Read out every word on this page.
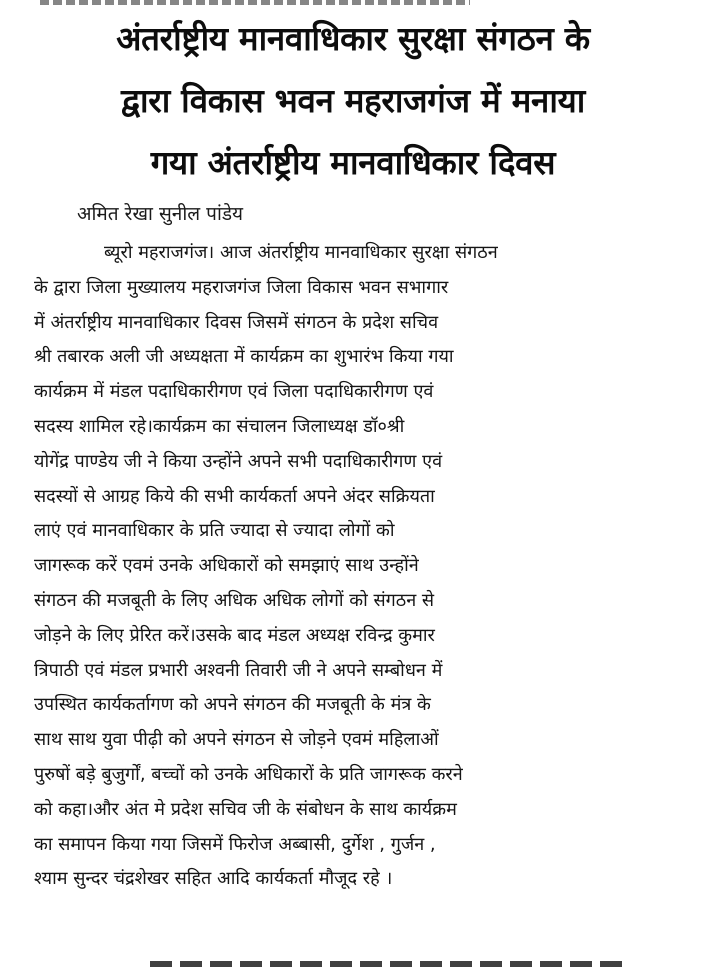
अंतर्राष्ट्रीय मानवाधिकार सुरक्षा संगठन के
द्वारा विकास भवन महराजगंज में मनाया
गया अंतर्राष्ट्रीय मानवाधिकार दिवस
अमित रेखा सुनील पांडेय
ब्यूरो महराजगंज। आज अंतर्राष्ट्रीय मानवाधिकार सुरक्षा संगठन
के द्वारा जिला मुख्यालय महराजगंज जिला विकास भवन सभागार
में अंतर्राष्ट्रीय मानवाधिकार दिवस जिसमें संगठन के प्रदेश सचिव
श्री तबारक अली जी अध्यक्षता में कार्यक्रम का शुभारंभ किया गया
कार्यक्रम में मंडल पदाधिकारीगण एवं जिला पदाधिकारीगण एवं
सदस्य शामिल रहे।कार्यक्रम का संचालन जिलाध्यक्ष डॉ०श्री
योगेंद्र पाण्डेय जी ने किया उन्होंने अपने सभी पदाधिकारीगण एवं
सदस्यों से आग्रह किये की सभी कार्यकर्ता अपने अंदर सक्रियता
लाएं एवं मानवाधिकार के प्रति ज्यादा से ज्यादा लोगों को
जागरूक करें एवमं उनके अधिकारों को समझाएं साथ उन्होंने
संगठन की मजबूती के लिए अधिक अधिक लोगों को संगठन से
जोड़ने के लिए प्रेरित करें।उसके बाद मंडल अध्यक्ष रविन्द्र कुमार
त्रिपाठी एवं मंडल प्रभारी अश्वनी तिवारी जी ने अपने सम्बोधन में
उपस्थित कार्यकर्तागण को अपने संगठन की मजबूती के मंत्र के
साथ साथ युवा पीढ़ी को अपने संगठन से जोड़ने एवमं महिलाओं
पुरुषों बड़े बुजुर्गों, बच्चों को उनके अधिकारों के प्रति जागरूक करने
को कहा।और अंत मे प्रदेश सचिव जी के संबोधन के साथ कार्यक्रम
का समापन किया गया जिसमें फिरोज अब्बासी, दुर्गेश , गुर्जन ,
श्याम सुन्दर चंद्रशेखर सहित आदि कार्यकर्ता मौजूद रहे ।
